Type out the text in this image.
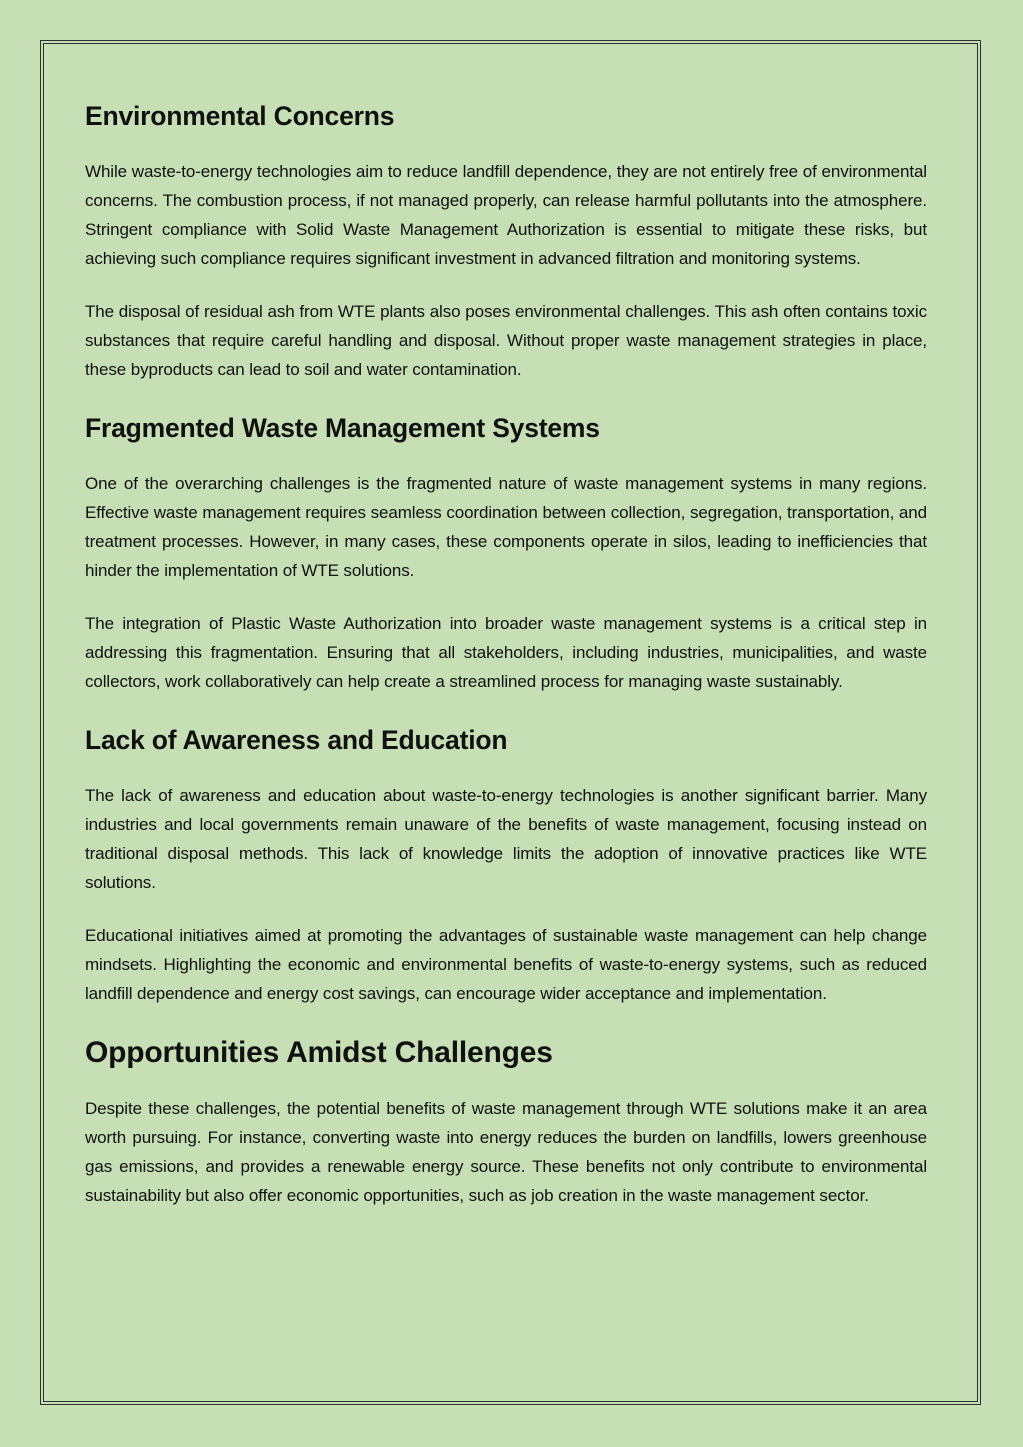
Environmental Concerns

While waste-to-energy technologies aim to reduce landfill dependence, they are not entirely free of environmental concerns. The combustion process, if not managed properly, can release harmful pollutants into the atmosphere. Stringent compliance with Solid Waste Management Authorization is essential to mitigate these risks, but achieving such compliance requires significant investment in advanced filtration and monitoring systems.

The disposal of residual ash from WTE plants also poses environmental challenges. This ash often contains toxic substances that require careful handling and disposal. Without proper waste management strategies in place, these byproducts can lead to soil and water contamination.

Fragmented Waste Management Systems

One of the overarching challenges is the fragmented nature of waste management systems in many regions. Effective waste management requires seamless coordination between collection, segregation, transportation, and treatment processes. However, in many cases, these components operate in silos, leading to inefficiencies that hinder the implementation of WTE solutions.

The integration of Plastic Waste Authorization into broader waste management systems is a critical step in addressing this fragmentation. Ensuring that all stakeholders, including industries, municipalities, and waste collectors, work collaboratively can help create a streamlined process for managing waste sustainably.

Lack of Awareness and Education

The lack of awareness and education about waste-to-energy technologies is another significant barrier. Many industries and local governments remain unaware of the benefits of waste management, focusing instead on traditional disposal methods. This lack of knowledge limits the adoption of innovative practices like WTE solutions.

Educational initiatives aimed at promoting the advantages of sustainable waste management can help change mindsets. Highlighting the economic and environmental benefits of waste-to-energy systems, such as reduced landfill dependence and energy cost savings, can encourage wider acceptance and implementation.

Opportunities Amidst Challenges

Despite these challenges, the potential benefits of waste management through WTE solutions make it an area worth pursuing. For instance, converting waste into energy reduces the burden on landfills, lowers greenhouse gas emissions, and provides a renewable energy source. These benefits not only contribute to environmental sustainability but also offer economic opportunities, such as job creation in the waste management sector.
